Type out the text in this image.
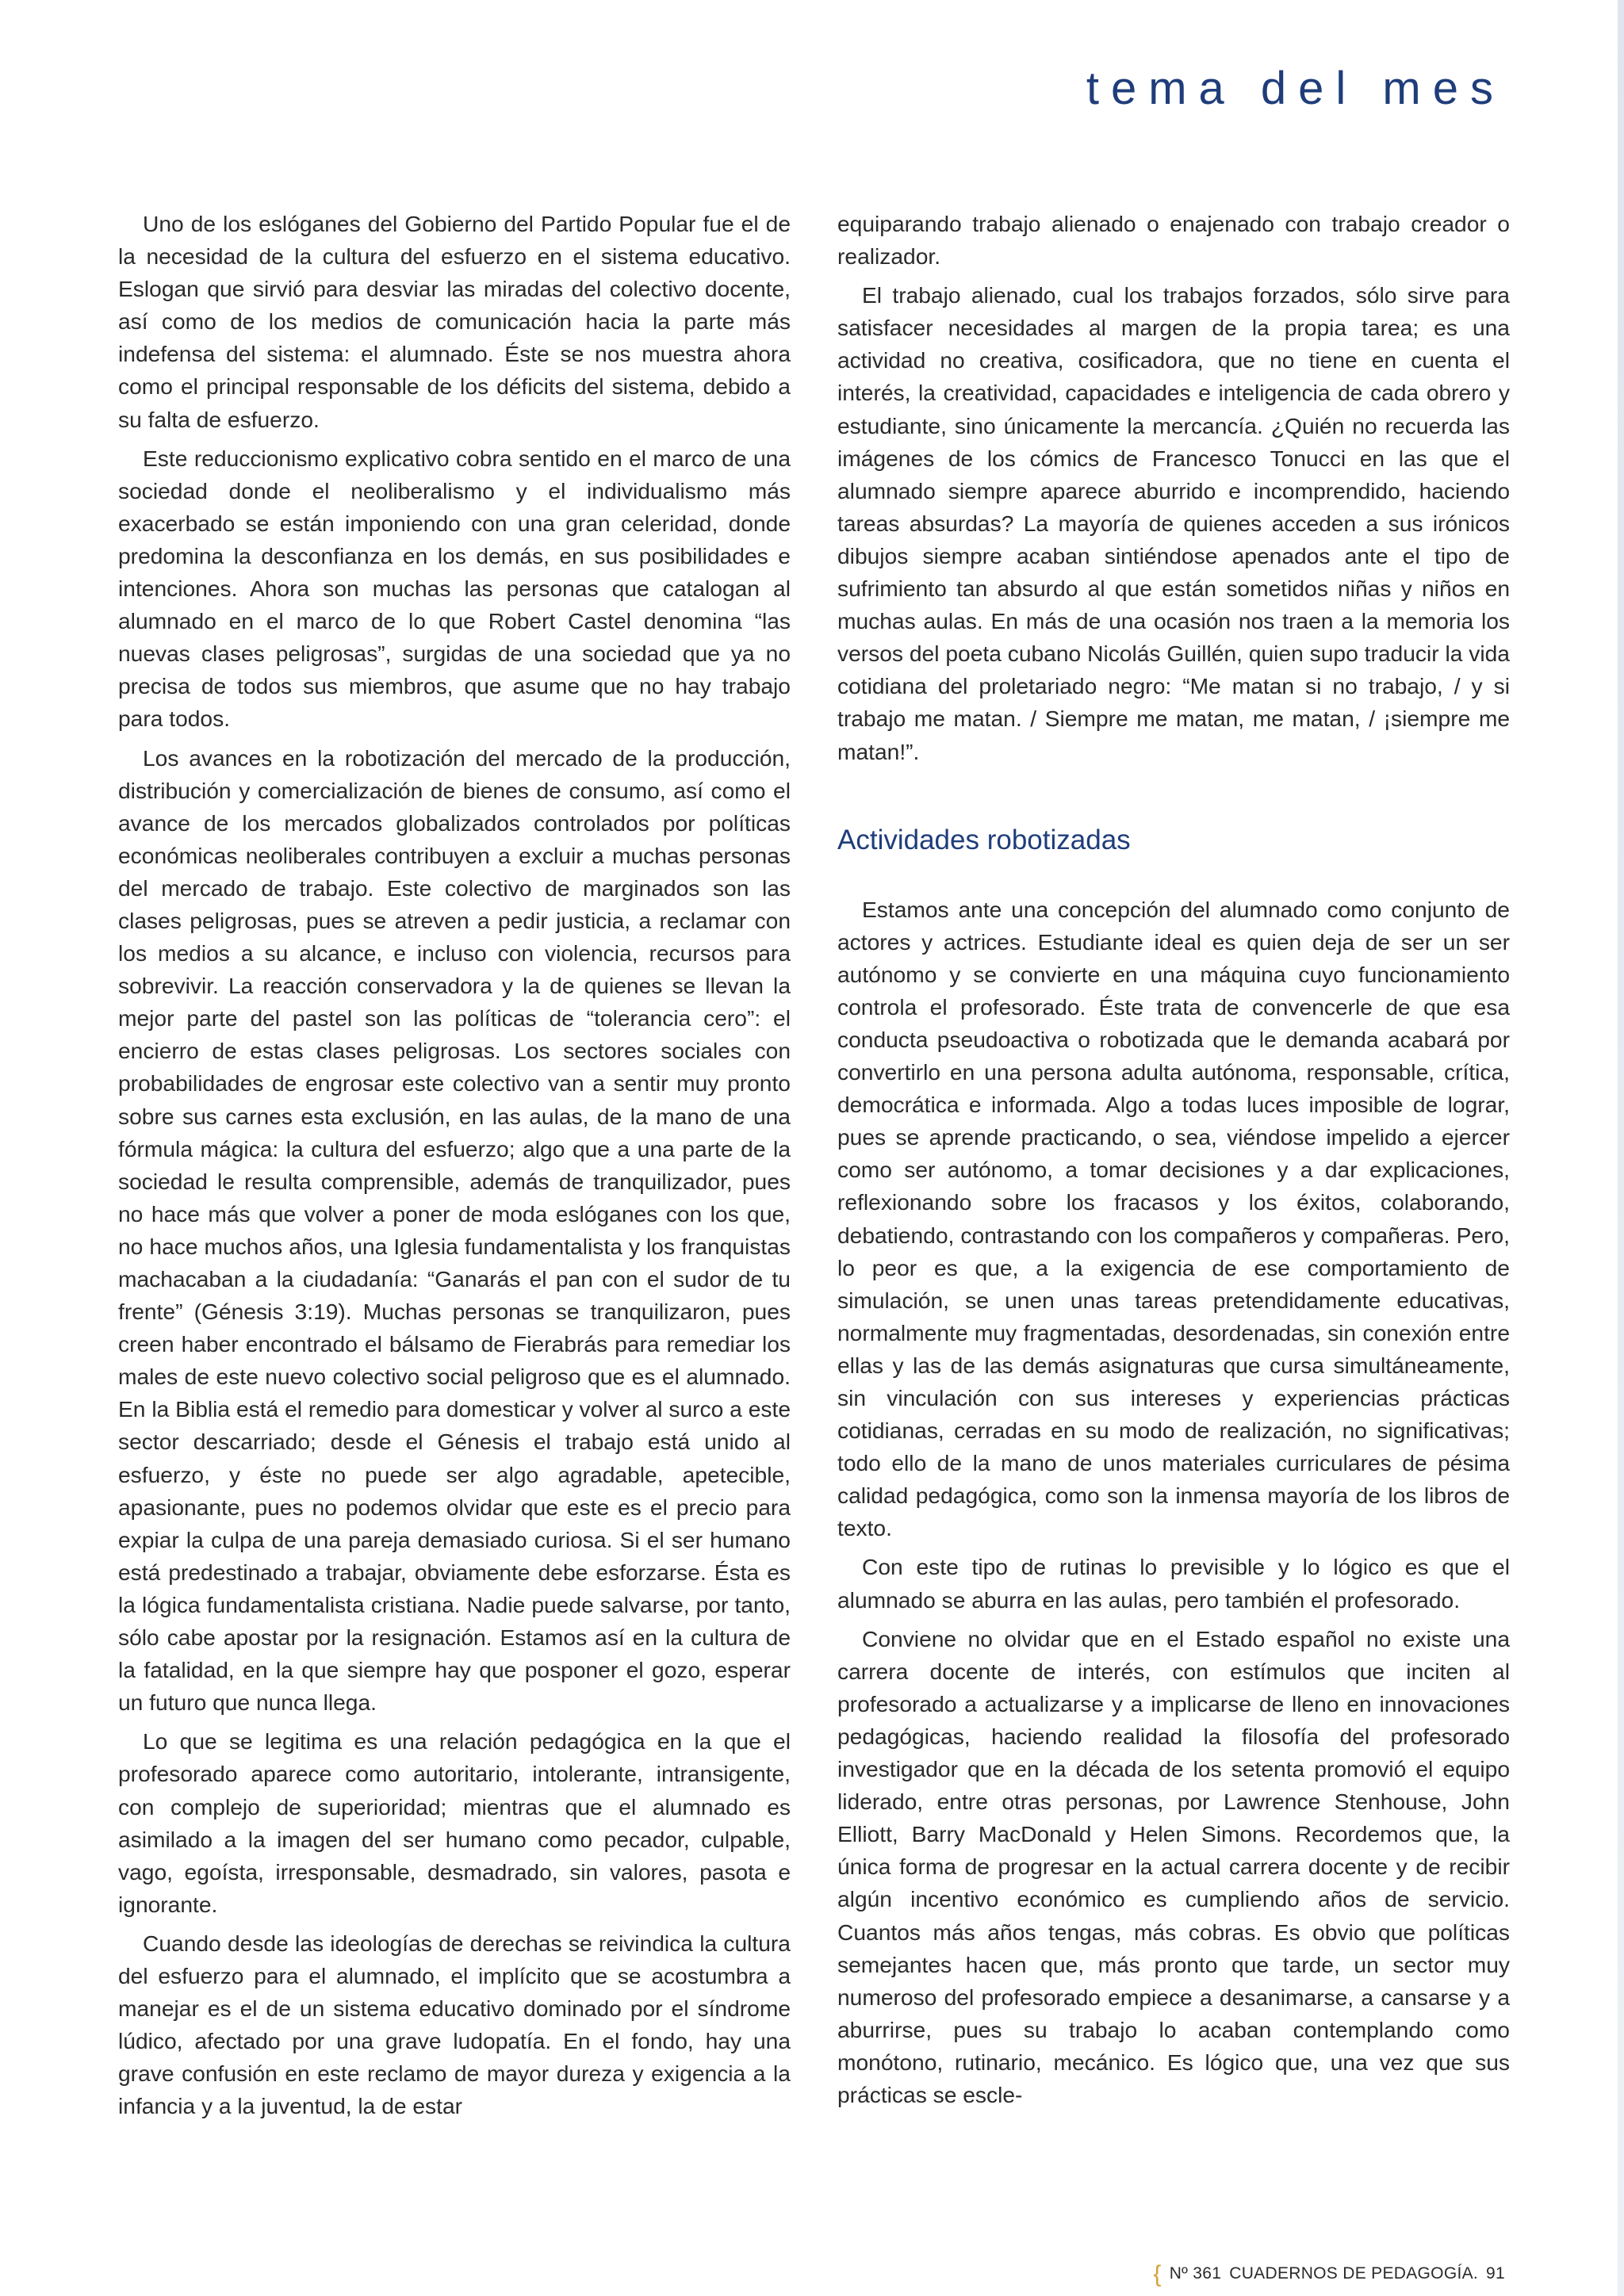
tema del mes

Uno de los eslóganes del Gobierno del Partido Popular fue el de la necesidad de la cultura del esfuerzo en el sistema educativo. Eslogan que sirvió para desviar las miradas del colectivo docente, así como de los medios de comunicación hacia la parte más indefensa del sistema: el alumnado. Éste se nos muestra ahora como el principal responsable de los déficits del sistema, debido a su falta de esfuerzo.

Este reduccionismo explicativo cobra sentido en el marco de una sociedad donde el neoliberalismo y el individualismo más exacerbado se están imponiendo con una gran celeridad, donde predomina la desconfianza en los demás, en sus posibilidades e intenciones. Ahora son muchas las personas que catalogan al alumnado en el marco de lo que Robert Castel denomina “las nuevas clases peligrosas”, surgidas de una sociedad que ya no precisa de todos sus miembros, que asume que no hay trabajo para todos.

Los avances en la robotización del mercado de la producción, distribución y comercialización de bienes de consumo, así como el avance de los mercados globalizados controlados por políticas económicas neoliberales contribuyen a excluir a muchas personas del mercado de trabajo. Este colectivo de marginados son las clases peligrosas, pues se atreven a pedir justicia, a reclamar con los medios a su alcance, e incluso con violencia, recursos para sobrevivir. La reacción conservadora y la de quienes se llevan la mejor parte del pastel son las políticas de “tolerancia cero”: el encierro de estas clases peligrosas. Los sectores sociales con probabilidades de engrosar este colectivo van a sentir muy pronto sobre sus carnes esta exclusión, en las aulas, de la mano de una fórmula mágica: la cultura del esfuerzo; algo que a una parte de la sociedad le resulta comprensible, además de tranquilizador, pues no hace más que volver a poner de moda eslóganes con los que, no hace muchos años, una Iglesia fundamentalista y los franquistas machacaban a la ciudadanía: “Ganarás el pan con el sudor de tu frente” (Génesis 3:19). Muchas personas se tranquilizaron, pues creen haber encontrado el bálsamo de Fierabrás para remediar los males de este nuevo colectivo social peligroso que es el alumnado. En la Biblia está el remedio para domesticar y volver al surco a este sector descarriado; desde el Génesis el trabajo está unido al esfuerzo, y éste no puede ser algo agradable, apetecible, apasionante, pues no podemos olvidar que este es el precio para expiar la culpa de una pareja demasiado curiosa. Si el ser humano está predestinado a trabajar, obviamente debe esforzarse. Ésta es la lógica fundamentalista cristiana. Nadie puede salvarse, por tanto, sólo cabe apostar por la resignación. Estamos así en la cultura de la fatalidad, en la que siempre hay que posponer el gozo, esperar un futuro que nunca llega.

Lo que se legitima es una relación pedagógica en la que el profesorado aparece como autoritario, intolerante, intransigente, con complejo de superioridad; mientras que el alumnado es asimilado a la imagen del ser humano como pecador, culpable, vago, egoísta, irresponsable, desmadrado, sin valores, pasota e ignorante.

Cuando desde las ideologías de derechas se reivindica la cultura del esfuerzo para el alumnado, el implícito que se acostumbra a manejar es el de un sistema educativo dominado por el síndrome lúdico, afectado por una grave ludopatía. En el fondo, hay una grave confusión en este reclamo de mayor dureza y exigencia a la infancia y a la juventud, la de estar

equiparando trabajo alienado o enajenado con trabajo creador o realizador.

El trabajo alienado, cual los trabajos forzados, sólo sirve para satisfacer necesidades al margen de la propia tarea; es una actividad no creativa, cosificadora, que no tiene en cuenta el interés, la creatividad, capacidades e inteligencia de cada obrero y estudiante, sino únicamente la mercancía. ¿Quién no recuerda las imágenes de los cómics de Francesco Tonucci en las que el alumnado siempre aparece aburrido e incomprendido, haciendo tareas absurdas? La mayoría de quienes acceden a sus irónicos dibujos siempre acaban sintiéndose apenados ante el tipo de sufrimiento tan absurdo al que están sometidos niñas y niños en muchas aulas. En más de una ocasión nos traen a la memoria los versos del poeta cubano Nicolás Guillén, quien supo traducir la vida cotidiana del proletariado negro: “Me matan si no trabajo, / y si trabajo me matan. / Siempre me matan, me matan, / ¡siempre me matan!”.

Actividades robotizadas

Estamos ante una concepción del alumnado como conjunto de actores y actrices. Estudiante ideal es quien deja de ser un ser autónomo y se convierte en una máquina cuyo funcionamiento controla el profesorado. Éste trata de convencerle de que esa conducta pseudoactiva o robotizada que le demanda acabará por convertirlo en una persona adulta autónoma, responsable, crítica, democrática e informada. Algo a todas luces imposible de lograr, pues se aprende practicando, o sea, viéndose impelido a ejercer como ser autónomo, a tomar decisiones y a dar explicaciones, reflexionando sobre los fracasos y los éxitos, colaborando, debatiendo, contrastando con los compañeros y compañeras. Pero, lo peor es que, a la exigencia de ese comportamiento de simulación, se unen unas tareas pretendidamente educativas, normalmente muy fragmentadas, desordenadas, sin conexión entre ellas y las de las demás asignaturas que cursa simultáneamente, sin vinculación con sus intereses y experiencias prácticas cotidianas, cerradas en su modo de realización, no significativas; todo ello de la mano de unos materiales curriculares de pésima calidad pedagógica, como son la inmensa mayoría de los libros de texto.

Con este tipo de rutinas lo previsible y lo lógico es que el alumnado se aburra en las aulas, pero también el profesorado.

Conviene no olvidar que en el Estado español no existe una carrera docente de interés, con estímulos que inciten al profesorado a actualizarse y a implicarse de lleno en innovaciones pedagógicas, haciendo realidad la filosofía del profesorado investigador que en la década de los setenta promovió el equipo liderado, entre otras personas, por Lawrence Stenhouse, John Elliott, Barry MacDonald y Helen Simons. Recordemos que, la única forma de progresar en la actual carrera docente y de recibir algún incentivo económico es cumpliendo años de servicio. Cuantos más años tengas, más cobras. Es obvio que políticas semejantes hacen que, más pronto que tarde, un sector muy numeroso del profesorado empiece a desanimarse, a cansarse y a aburrirse, pues su trabajo lo acaban contemplando como monótono, rutinario, mecánico. Es lógico que, una vez que sus prácticas se escle-

{ Nº 361 CUADERNOS DE PEDAGOGÍA. 91
